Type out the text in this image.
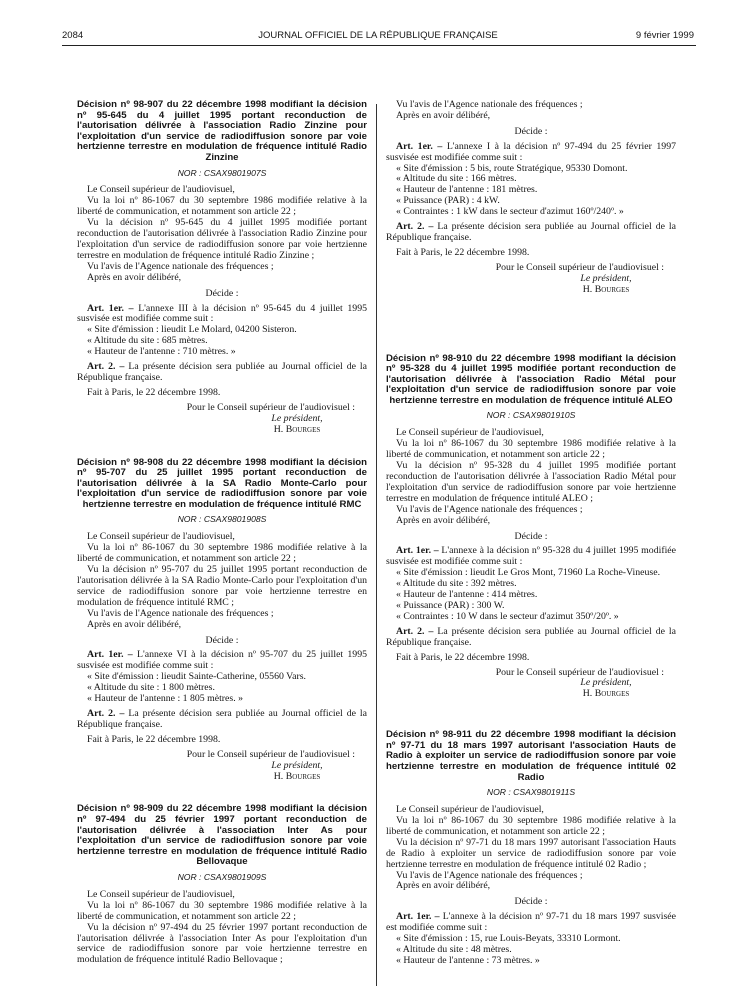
2084	JOURNAL OFFICIEL DE LA RÉPUBLIQUE FRANÇAISE	9 février 1999
Décision nº 98-907 du 22 décembre 1998 modifiant la décision nº 95-645 du 4 juillet 1995 portant reconduction de l'autorisation délivrée à l'association Radio Zinzine pour l'exploitation d'un service de radiodiffusion sonore par voie hertzienne terrestre en modulation de fréquence intitulé Radio Zinzine
NOR : CSAX9801907S

Le Conseil supérieur de l'audiovisuel,

Vu la loi nº 86-1067 du 30 septembre 1986 modifiée relative à la liberté de communication, et notamment son article 22 ;

Vu la décision nº 95-645 du 4 juillet 1995 modifiée portant reconduction de l'autorisation délivrée à l'association Radio Zinzine pour l'exploitation d'un service de radiodiffusion sonore par voie hertzienne terrestre en modulation de fréquence intitulé Radio Zinzine ;

Vu l'avis de l'Agence nationale des fréquences ;

Après en avoir délibéré,

Décide :

Art. 1er. – L'annexe III à la décision nº 95-645 du 4 juillet 1995 susvisée est modifiée comme suit :

« Site d'émission : lieudit Le Molard, 04200 Sisteron.

« Altitude du site : 685 mètres.

« Hauteur de l'antenne : 710 mètres. »

Art. 2. – La présente décision sera publiée au Journal officiel de la République française.

Fait à Paris, le 22 décembre 1998.

Pour le Conseil supérieur de l'audiovisuel :
Le président,
H. Bourges
Décision nº 98-908 du 22 décembre 1998 modifiant la décision nº 95-707 du 25 juillet 1995 portant reconduction de l'autorisation délivrée à la SA Radio Monte-Carlo pour l'exploitation d'un service de radiodiffusion sonore par voie hertzienne terrestre en modulation de fréquence intitulé RMC
NOR : CSAX9801908S

Le Conseil supérieur de l'audiovisuel,

Vu la loi nº 86-1067 du 30 septembre 1986 modifiée relative à la liberté de communication, et notamment son article 22 ;

Vu la décision nº 95-707 du 25 juillet 1995 portant reconduction de l'autorisation délivrée à la SA Radio Monte-Carlo pour l'exploitation d'un service de radiodiffusion sonore par voie hertzienne terrestre en modulation de fréquence intitulé RMC ;

Vu l'avis de l'Agence nationale des fréquences ;

Après en avoir délibéré,

Décide :

Art. 1er. – L'annexe VI à la décision nº 95-707 du 25 juillet 1995 susvisée est modifiée comme suit :

« Site d'émission : lieudit Sainte-Catherine, 05560 Vars.

« Altitude du site : 1 800 mètres.

« Hauteur de l'antenne : 1 805 mètres. »

Art. 2. – La présente décision sera publiée au Journal officiel de la République française.

Fait à Paris, le 22 décembre 1998.

Pour le Conseil supérieur de l'audiovisuel :
Le président,
H. Bourges
Décision nº 98-909 du 22 décembre 1998 modifiant la décision nº 97-494 du 25 février 1997 portant reconduction de l'autorisation délivrée à l'association Inter As pour l'exploitation d'un service de radiodiffusion sonore par voie hertzienne terrestre en modulation de fréquence intitulé Radio Bellovaque
NOR : CSAX9801909S

Le Conseil supérieur de l'audiovisuel,

Vu la loi nº 86-1067 du 30 septembre 1986 modifiée relative à la liberté de communication, et notamment son article 22 ;

Vu la décision nº 97-494 du 25 février 1997 portant reconduction de l'autorisation délivrée à l'association Inter As pour l'exploitation d'un service de radiodiffusion sonore par voie hertzienne terrestre en modulation de fréquence intitulé Radio Bellovaque ;

Vu l'avis de l'Agence nationale des fréquences ;

Après en avoir délibéré,

Décide :

Art. 1er. – L'annexe I à la décision nº 97-494 du 25 février 1997 susvisée est modifiée comme suit :

« Site d'émission : 5 bis, route Stratégique, 95330 Domont.

« Altitude du site : 166 mètres.

« Hauteur de l'antenne : 181 mètres.

« Puissance (PAR) : 4 kW.

« Contraintes : 1 kW dans le secteur d'azimut 160º/240º. »

Art. 2. – La présente décision sera publiée au Journal officiel de la République française.

Fait à Paris, le 22 décembre 1998.

Pour le Conseil supérieur de l'audiovisuel :
Le président,
H. Bourges
Décision nº 98-910 du 22 décembre 1998 modifiant la décision nº 95-328 du 4 juillet 1995 modifiée portant reconduction de l'autorisation délivrée à l'association Radio Métal pour l'exploitation d'un service de radiodiffusion sonore par voie hertzienne terrestre en modulation de fréquence intitulé ALEO
NOR : CSAX9801910S

Le Conseil supérieur de l'audiovisuel,

Vu la loi nº 86-1067 du 30 septembre 1986 modifiée relative à la liberté de communication, et notamment son article 22 ;

Vu la décision nº 95-328 du 4 juillet 1995 modifiée portant reconduction de l'autorisation délivrée à l'association Radio Métal pour l'exploitation d'un service de radiodiffusion sonore par voie hertzienne terrestre en modulation de fréquence intitulé ALEO ;

Vu l'avis de l'Agence nationale des fréquences ;

Après en avoir délibéré,

Décide :

Art. 1er. – L'annexe à la décision nº 95-328 du 4 juillet 1995 modifiée susvisée est modifiée comme suit :

« Site d'émission : lieudit Le Gros Mont, 71960 La Roche-Vineuse.

« Altitude du site : 392 mètres.

« Hauteur de l'antenne : 414 mètres.

« Puissance (PAR) : 300 W.

« Contraintes : 10 W dans le secteur d'azimut 350º/20º. »

Art. 2. – La présente décision sera publiée au Journal officiel de la République française.

Fait à Paris, le 22 décembre 1998.

Pour le Conseil supérieur de l'audiovisuel :
Le président,
H. Bourges
Décision nº 98-911 du 22 décembre 1998 modifiant la décision nº 97-71 du 18 mars 1997 autorisant l'association Hauts de Radio à exploiter un service de radiodiffusion sonore par voie hertzienne terrestre en modulation de fréquence intitulé 02 Radio
NOR : CSAX9801911S

Le Conseil supérieur de l'audiovisuel,

Vu la loi nº 86-1067 du 30 septembre 1986 modifiée relative à la liberté de communication, et notamment son article 22 ;

Vu la décision nº 97-71 du 18 mars 1997 autorisant l'association Hauts de Radio à exploiter un service de radiodiffusion sonore par voie hertzienne terrestre en modulation de fréquence intitulé 02 Radio ;

Vu l'avis de l'Agence nationale des fréquences ;

Après en avoir délibéré,

Décide :

Art. 1er. – L'annexe à la décision nº 97-71 du 18 mars 1997 susvisée est modifiée comme suit :

« Site d'émission : 15, rue Louis-Beyats, 33310 Lormont.

« Altitude du site : 48 mètres.

« Hauteur de l'antenne : 73 mètres. »
